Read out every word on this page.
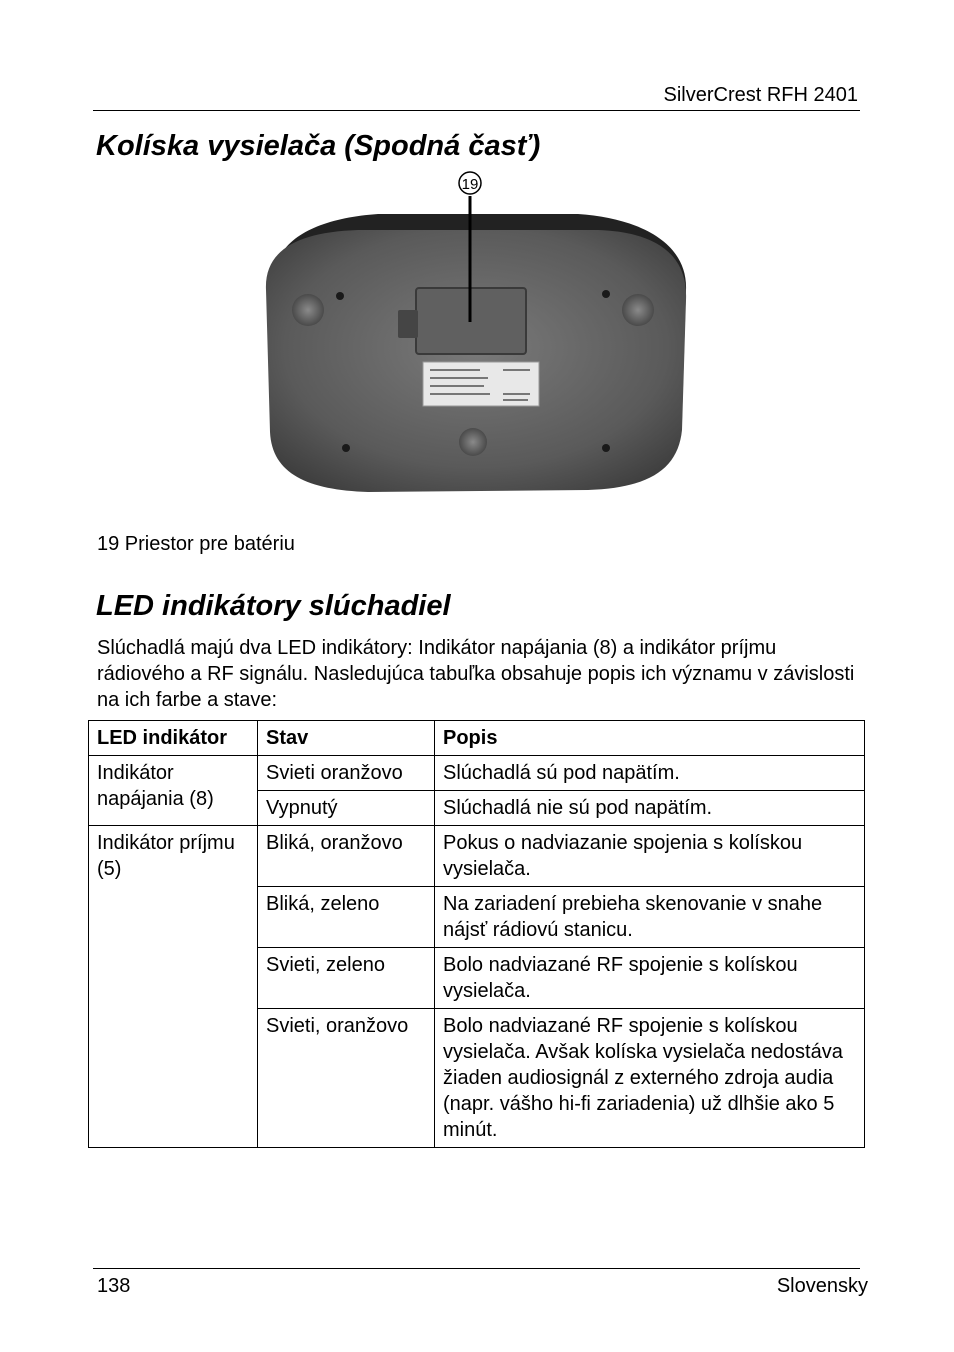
SilverCrest RFH 2401
Kolíska vysielača (Spodná časť)
19
19 Priestor pre batériu
LED indikátory slúchadiel

Slúchadlá majú dva LED indikátory: Indikátor napájania (8) a indikátor príjmu rádiového a RF signálu. Nasledujúca tabuľka obsahuje popis ich významu v závislosti na ich farbe a stave:

LED indikátor	Stav	Popis
Indikátor napájania (8)	Svieti oranžovo	Slúchadlá sú pod napätím.
	Vypnutý	Slúchadlá nie sú pod napätím.
Indikátor príjmu (5)	Bliká, oranžovo	Pokus o nadviazanie spojenia s kolískou vysielača.
	Bliká, zeleno	Na zariadení prebieha skenovanie v snahe nájsť rádiovú stanicu.
	Svieti, zeleno	Bolo nadviazané RF spojenie s kolískou vysielača.
	Svieti, oranžovo	Bolo nadviazané RF spojenie s kolískou vysielača. Avšak kolíska vysielača nedostáva žiaden audiosignál z externého zdroja audia (napr. vášho hi-fi zariadenia) už dlhšie ako 5 minút.
138	Slovensky
